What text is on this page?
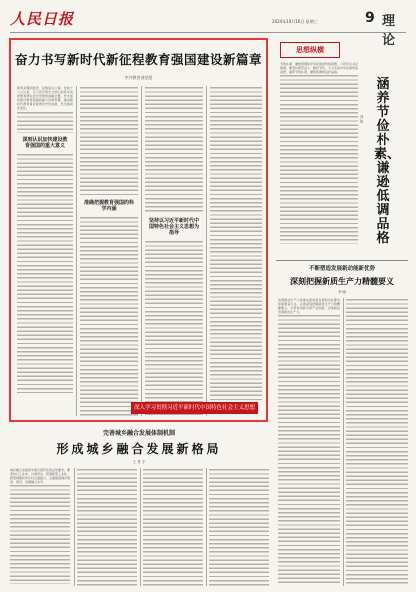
人民日报	2024年10月16日 星期三	9 理论
奋力书写新时代新征程教育强国建设新篇章
中共教育部党组

教育是强国建设、民族复兴之基。党的十八大以来，以习近平同志为核心的党中央把教育摆在优先发展的战略位置，作出加快建设教育强国的重大决策部署，推动新时代教育事业取得历史性成就、发生格局性变化。

深刻认识加快建设教育强国的重大意义

准确把握教育强国的科学内涵

坚持以习近平新时代中国特色社会主义思想为指导

深入学习贯彻习近平新时代中国特色社会主义思想
思想纵横
涵养节俭朴素、谦逊低调品格
刘 波

节俭朴素、谦逊低调是中华民族的传统美德。习近平总书记强调，要坚持艰苦奋斗、勤俭节约，大力弘扬中华民族传统美德，涵养节俭朴素、谦逊低调的良好品格。

不断塑造发展新动能新优势
深刻把握新质生产力精髓要义
李 晓

发展新质生产力是推动高质量发展的内在要求和重要着力点。必须深刻把握新质生产力的精髓要义，以科技创新引领产业创新，因地制宜发展新质生产力。

完善城乡融合发展体制机制
形成城乡融合发展新格局
王 景 宇

城乡融合发展是中国式现代化的必然要求。要坚持以工补农、以城带乡，统筹新型工业化、新型城镇化和乡村全面振兴，全面提高城乡规划、建设、治理融合水平。
